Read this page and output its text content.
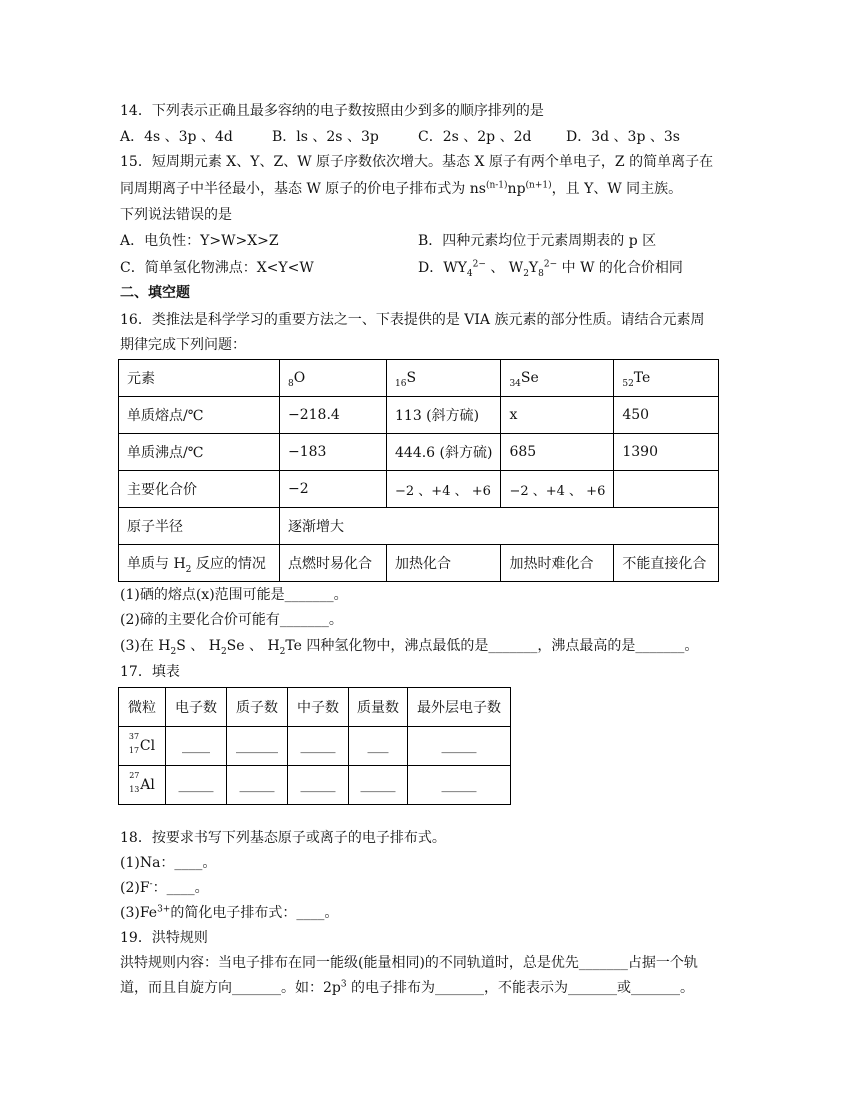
14．下列表示正确且最多容纳的电子数按照由少到多的顺序排列的是
A．4s 、3p 、4d	B．ls 、2s 、3p	C．2s 、2p 、2d D．3d 、3p 、3s
15．短周期元素 X、Y、Z、W 原子序数依次增大。基态 X 原子有两个单电子，Z 的简单离子在
同周期离子中半径最小，基态 W 原子的价电子排布式为 $ns^{(n-1)}np^{(n+1)}$，且 Y、W 同主族。
下列说法错误的是
A．电负性：Y>W>X>Z	B．四种元素均位于元素周期表的 p 区
C．简单氢化物沸点：X<Y<W	D．$WY_4^{2-}$ 、 $W_2Y_8^{2-}$ 中 W 的化合价相同
二、填空题
16．类推法是科学学习的重要方法之一、下表提供的是 VIA 族元素的部分性质。请结合元素周
期律完成下列问题：
元素	$_8$O	$_{16}$S	$_{34}$Se	$_{52}$Te
单质熔点/℃	−218.4	113 (斜方硫)	x	450
单质沸点/℃	−183	444.6 (斜方硫)	685	1390
主要化合价	−2	−2 、+4 、 +6	−2 、+4 、 +6	
原子半径	逐渐增大			
单质与 $H_2$ 反应的情况	点燃时易化合	加热化合	加热时难化合	不能直接化合
(1)硒的熔点(x)范围可能是_______。
(2)碲的主要化合价可能有_______。
(3)在 $H_2S$ 、 $H_2Se$ 、 $H_2Te$ 四种氢化物中，沸点最低的是_______，沸点最高的是_______。
17．填表
微粒	电子数	质子数	中子数	质量数	最外层电子数

37
17 Cl	____	______	_____	___	_____

27
13 Al	_____	_____	_____	_____	_____
18．按要求书写下列基态原子或离子的电子排布式。
(1)Na：____。
(2)F-：____。
$(3)Fe^{3+}$的简化电子排布式：____。
19．洪特规则
洪特规则内容：当电子排布在同一能级(能量相同)的不同轨道时，总是优先_______占据一个轨
道，而且自旋方向_______。如：$2p^3$ 的电子排布为_______，不能表示为_______或_______。
